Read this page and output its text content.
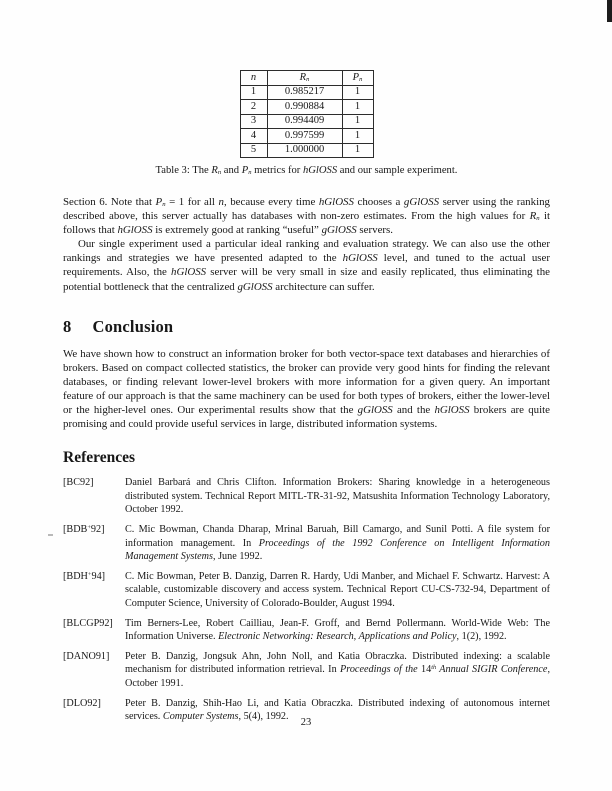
n	$R_n$	$P_n$
1	0.985217	1
2	0.990884	1
3	0.994409	1
4	0.997599	1
5	1.000000	1
Table 3: The $R_n$ and $P_n$ metrics for hGlOSS and our sample experiment.

Section 6. Note that $P_n = 1$ for all n, because every time hGlOSS chooses a gGlOSS server using the ranking described above, this server actually has databases with non-zero estimates. From the high values for $R_n$ it follows that hGlOSS is extremely good at ranking “useful” gGlOSS servers.

Our single experiment used a particular ideal ranking and evaluation strategy. We can also use the other rankings and strategies we have presented adapted to the hGlOSS level, and tuned to the actual user requirements. Also, the hGlOSS server will be very small in size and easily replicated, thus eliminating the potential bottleneck that the centralized gGlOSS architecture can suffer.

8 Conclusion

We have shown how to construct an information broker for both vector-space text databases and hierarchies of brokers. Based on compact collected statistics, the broker can provide very good hints for finding the relevant databases, or finding relevant lower-level brokers with more information for a given query. An important feature of our approach is that the same machinery can be used for both types of brokers, either the lower-level or the higher-level ones. Our experimental results show that the gGlOSS and the hGlOSS brokers are quite promising and could provide useful services in large, distributed information systems.

References
[BC92]	Daniel Barbará and Chris Clifton. Information Brokers: Sharing knowledge in a heterogeneous distributed system. Technical Report MITL-TR-31-92, Matsushita Information Technology Laboratory, October 1992.
[BDB+92]	C. Mic Bowman, Chanda Dharap, Mrinal Baruah, Bill Camargo, and Sunil Potti. A file system for information management. In Proceedings of the 1992 Conference on Intelligent Information Management Systems, June 1992.
[BDH+94]	C. Mic Bowman, Peter B. Danzig, Darren R. Hardy, Udi Manber, and Michael F. Schwartz. Harvest: A scalable, customizable discovery and access system. Technical Report CU-CS-732-94, Department of Computer Science, University of Colorado-Boulder, August 1994.
[BLCGP92]	Tim Berners-Lee, Robert Cailliau, Jean-F. Groff, and Bernd Pollermann. World-Wide Web: The Information Universe. Electronic Networking: Research, Applications and Policy, 1(2), 1992.
[DANO91]	Peter B. Danzig, Jongsuk Ahn, John Noll, and Katia Obraczka. Distributed indexing: a scalable mechanism for distributed information retrieval. In Proceedings of the 14th Annual SIGIR Conference, October 1991.
[DLO92]	Peter B. Danzig, Shih-Hao Li, and Katia Obraczka. Distributed indexing of autonomous internet services. Computer Systems, 5(4), 1992.
23
